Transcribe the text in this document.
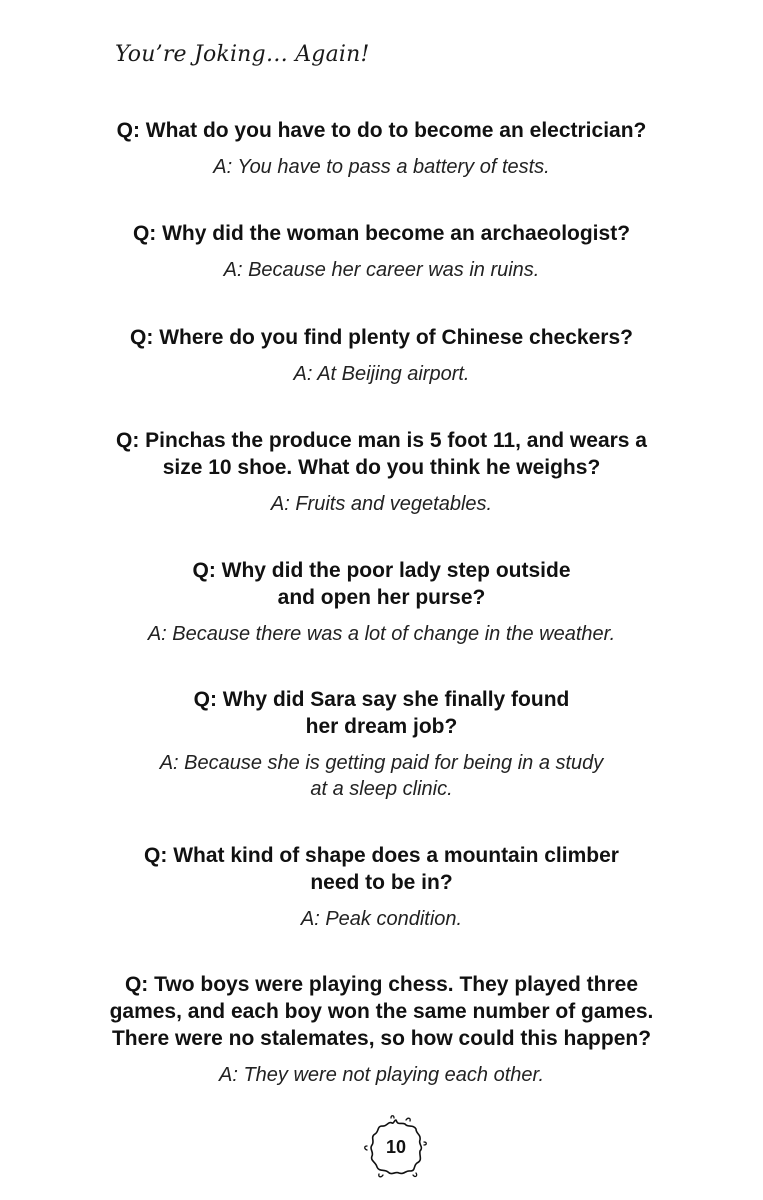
You’re Joking… Again!

Q: What do you have to do to become an electrician?

A: You have to pass a battery of tests.

Q: Why did the woman become an archaeologist?

A: Because her career was in ruins.

Q: Where do you find plenty of Chinese checkers?

A: At Beijing airport.

Q: Pinchas the produce man is 5 foot 11, and wears a
size 10 shoe. What do you think he weighs?

A: Fruits and vegetables.

Q: Why did the poor lady step outside
and open her purse?

A: Because there was a lot of change in the weather.

Q: Why did Sara say she finally found
her dream job?

A: Because she is getting paid for being in a study
at a sleep clinic.

Q: What kind of shape does a mountain climber
need to be in?

A: Peak condition.

Q: Two boys were playing chess. They played three
games, and each boy won the same number of games.
There were no stalemates, so how could this happen?

A: They were not playing each other.

10
